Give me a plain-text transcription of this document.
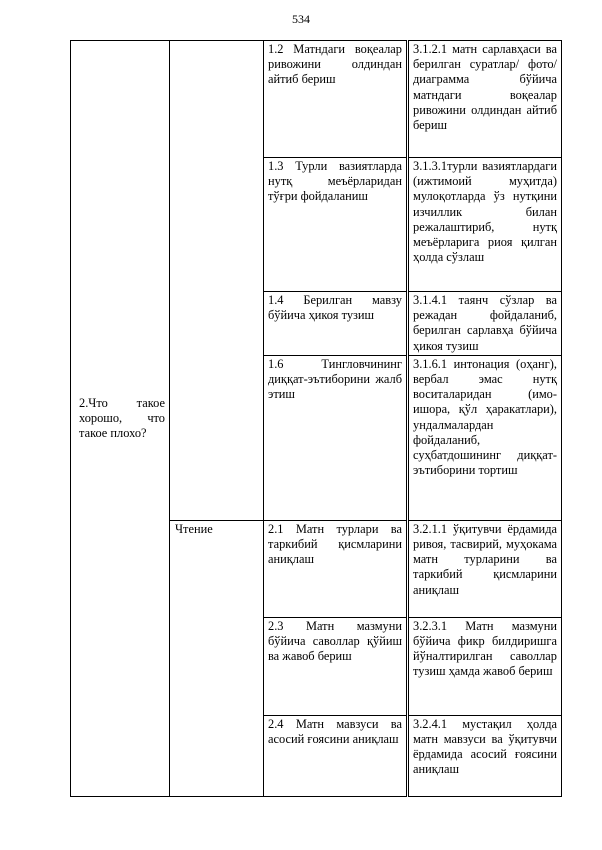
534
2.Что такое хорошо, что такое плохо?		1.2 Матндаги воқеалар ривожини олдиндан айтиб бериш	3.1.2.1 матн сарлавҳаси ва берилган суратлар/ фото/ диаграмма бўйича матндаги воқеалар ривожини олдиндан айтиб бериш
		1.3 Турли вазиятларда нутқ меъёрларидан тўғри фойдаланиш	3.1.3.1турли вазиятлардаги (ижтимоий муҳитда) мулоқотларда ўз нутқини изчиллик билан режалаштириб, нутқ меъёрларига риоя қилган ҳолда сўзлаш
		1.4 Берилган мавзу бўйича ҳикоя тузиш	3.1.4.1 таянч сўзлар ва режадан фойдаланиб, берилган сарлавҳа бўйича ҳикоя тузиш
		1.6 Тингловчининг диққат-эътиборини жалб этиш	3.1.6.1 интонация (оҳанг), вербал эмас нутқ воситаларидан (имо-ишора, қўл ҳаракатлари), ундалмалардан фойдаланиб, суҳбатдошининг диққат-эътиборини тортиш
	Чтение	2.1 Матн турлари ва таркибий қисмларини аниқлаш	3.2.1.1 ўқитувчи ёрдамида ривоя, тасвирий, муҳокама матн турларини ва таркибий қисмларини аниқлаш
		2.3 Матн мазмуни бўйича саволлар қўйиш ва жавоб бериш	3.2.3.1 Матн мазмуни бўйича фикр билдиришга йўналтирилган саволлар тузиш ҳамда жавоб бериш
		2.4 Матн мавзуси ва асосий ғоясини аниқлаш	3.2.4.1 мустақил ҳолда матн мавзуси ва ўқитувчи ёрдамида асосий ғоясини аниқлаш
